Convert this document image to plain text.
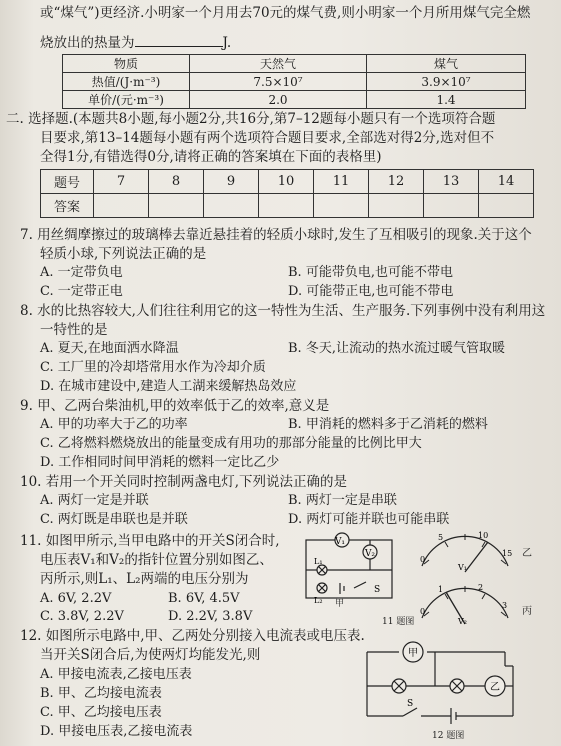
或“煤气”)更经济.小明家一个月用去70元的煤气费,则小明家一个月所用煤气完全燃
烧放出的热量为	J.
物质	天然气	煤气
热值/(J·m⁻³)	7.5×10⁷	3.9×10⁷
单价/(元·m⁻³)	2.0	1.4
二. 选择题.(本题共8小题,每小题2分,共16分,第7–12题每小题只有一个选项符合题
目要求,第13–14题每小题有两个选项符合题目要求,全部选对得2分,选对但不
全得1分,有错选得0分,请将正确的答案填在下面的表格里)
题号	7	8	9	10	11	12	13	14
答案								
7. 用丝绸摩擦过的玻璃棒去靠近悬挂着的轻质小球时,发生了互相吸引的现象.关于这个
轻质小球,下列说法正确的是
A. 一定带负电	B. 可能带负电,也可能不带电
C. 一定带正电	D. 可能带正电,也可能不带电
8. 水的比热容较大,人们往往利用它的这一特性为生活、生产服务.下列事例中没有利用这
一特性的是
A. 夏天,在地面洒水降温	B. 冬天,让流动的热水流过暖气管取暖
C. 工厂里的冷却塔常用水作为冷却介质
D. 在城市建设中,建造人工湖来缓解热岛效应
9. 甲、乙两台柴油机,甲的效率低于乙的效率,意义是
A. 甲的功率大于乙的功率	B. 甲消耗的燃料多于乙消耗的燃料
C. 乙将燃料燃烧放出的能量变成有用功的那部分能量的比例比甲大
D. 工作相同时间甲消耗的燃料一定比乙少
10. 若用一个开关同时控制两盏电灯,下列说法正确的是
A. 两灯一定是并联	B. 两灯一定是串联
C. 两灯既是串联也是并联	D. 两灯可能并联也可能串联
11. 如图甲所示,当甲电路中的开关S闭合时,
电压表V₁和V₂的指针位置分别如图乙、
丙所示,则L₁、L₂两端的电压分别为
A. 6V, 2.2V	B. 6V, 4.5V
C. 3.8V, 2.2V	D. 2.2V, 3.8V
V₁
V₂
L₁
L₂
S
甲
0
5	10
15
V₁
乙
0
1	2
3
V₂
丙
11 题图
12. 如图所示电路中,甲、乙两处分别接入电流表或电压表.
当开关S闭合后,为使两灯均能发光,则
A. 甲接电流表,乙接电压表
B. 甲、乙均接电流表
C. 甲、乙均接电压表
D. 甲接电压表,乙接电流表
甲
乙
S
12 题图
